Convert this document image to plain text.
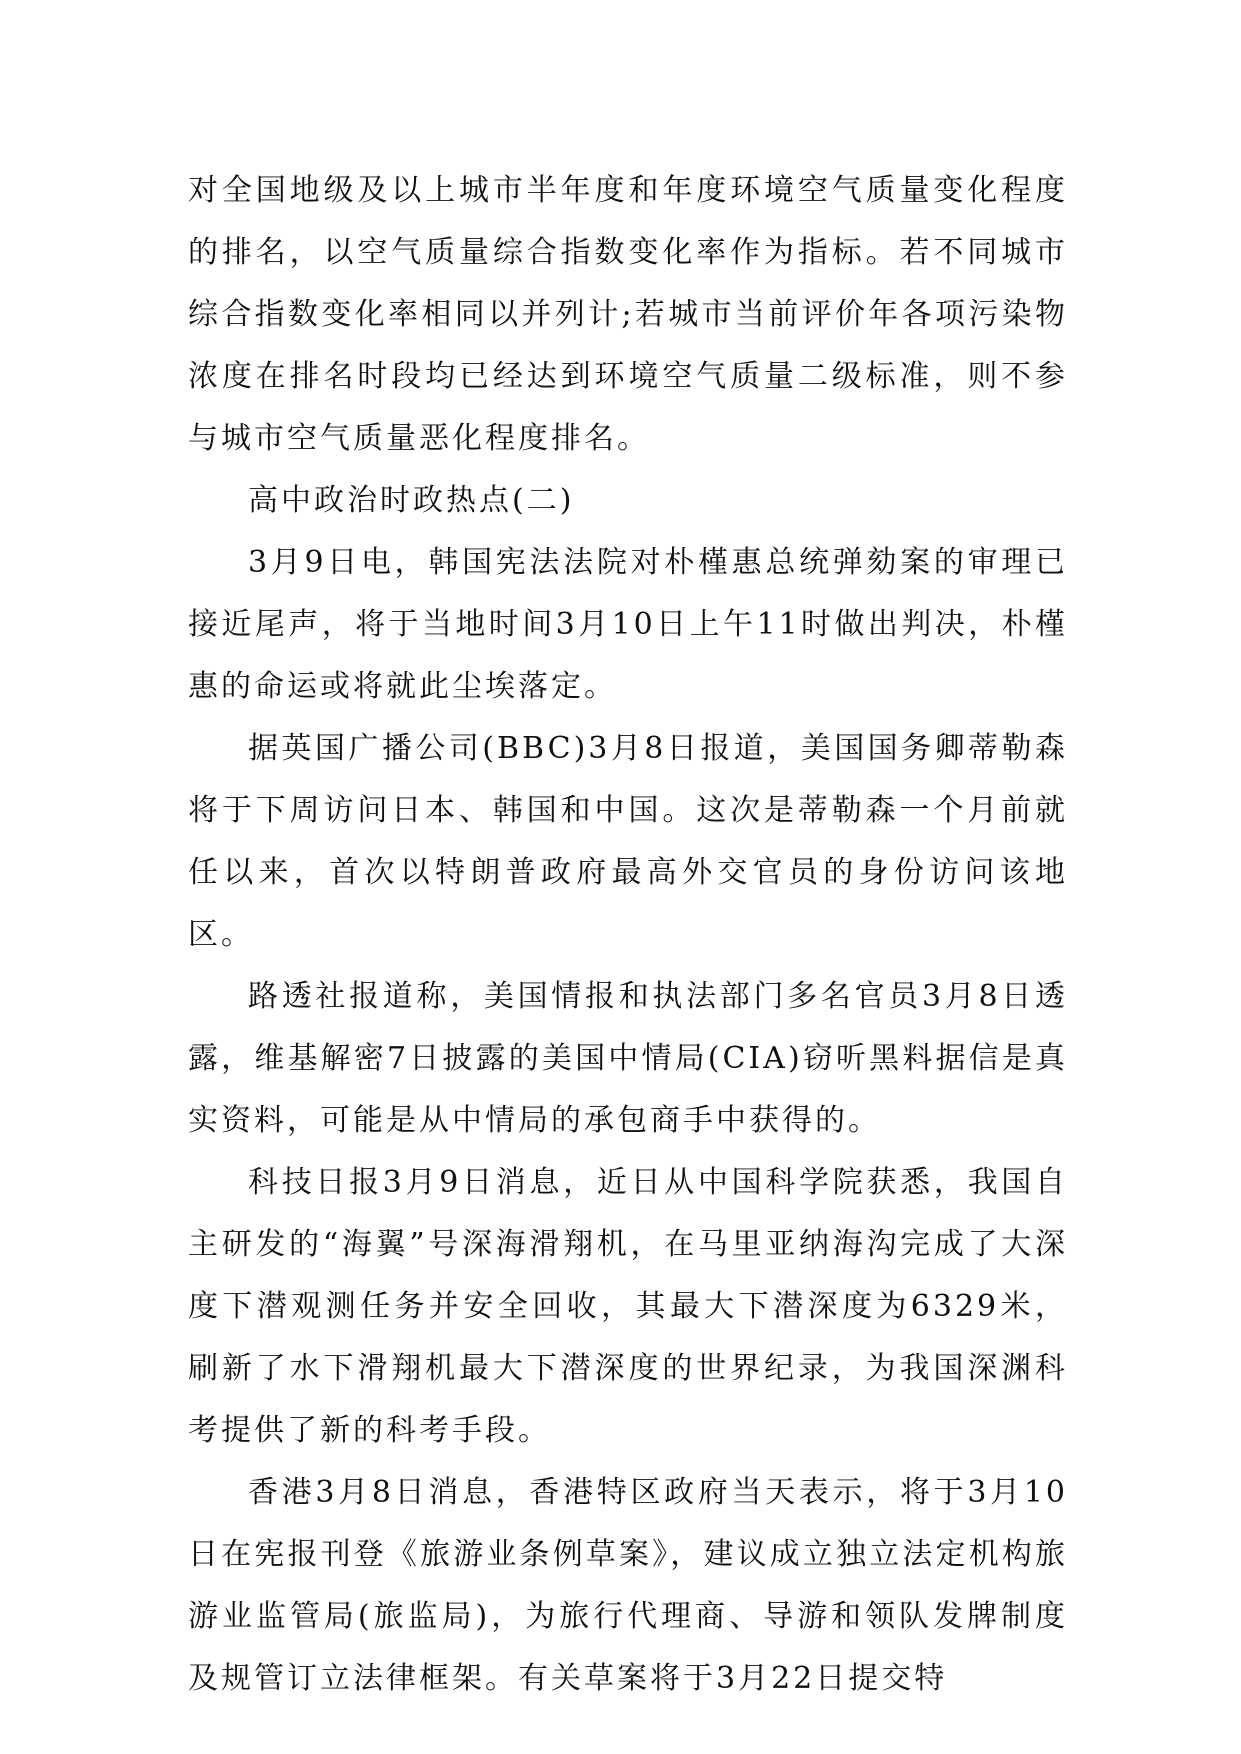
对全国地级及以上城市半年度和年度环境空气质量变化程度的排名，以空气质量综合指数变化率作为指标。若不同城市综合指数变化率相同以并列计;若城市当前评价年各项污染物浓度在排名时段均已经达到环境空气质量二级标准，则不参与城市空气质量恶化程度排名。

高中政治时政热点(二)

3月9日电，韩国宪法法院对朴槿惠总统弹劾案的审理已接近尾声，将于当地时间3月10日上午11时做出判决，朴槿惠的命运或将就此尘埃落定。

据英国广播公司(BBC)3月8日报道，美国国务卿蒂勒森将于下周访问日本、韩国和中国。这次是蒂勒森一个月前就任以来，首次以特朗普政府最高外交官员的身份访问该地区。

路透社报道称，美国情报和执法部门多名官员3月8日透露，维基解密7日披露的美国中情局(CIA)窃听黑料据信是真实资料，可能是从中情局的承包商手中获得的。

科技日报3月9日消息，近日从中国科学院获悉，我国自主研发的“海翼”号深海滑翔机，在马里亚纳海沟完成了大深度下潜观测任务并安全回收，其最大下潜深度为6329米，刷新了水下滑翔机最大下潜深度的世界纪录，为我国深渊科考提供了新的科考手段。

香港3月8日消息，香港特区政府当天表示，将于3月10日在宪报刊登《旅游业条例草案》，建议成立独立法定机构旅游业监管局(旅监局)，为旅行代理商、导游和领队发牌制度及规管订立法律框架。有关草案将于3月22日提交特
